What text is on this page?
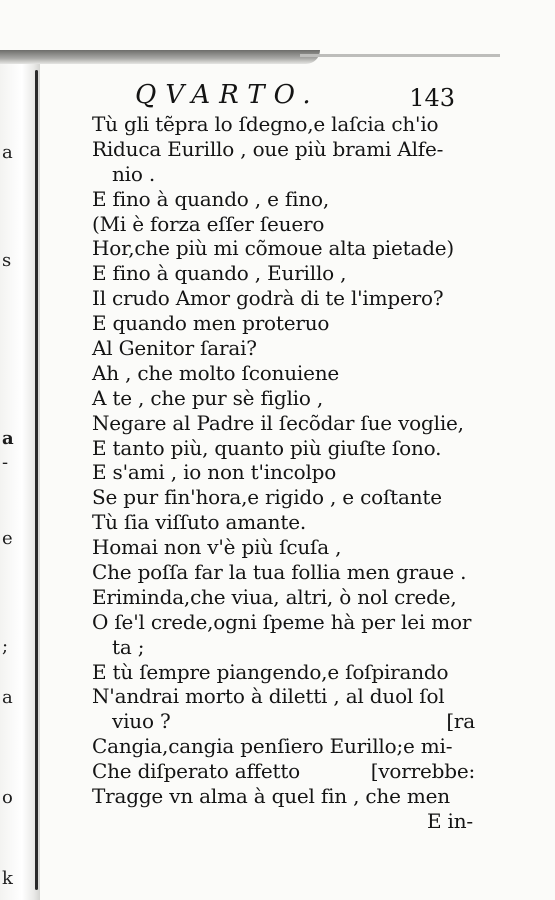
a
s
a
-
e
;
a
o
k
QVARTO.	143
Tù gli tẽpra lo ſdegno,e laſcia ch'io
Riduca Eurillo , oue più brami Alfe-
nio .
E fino à quando , e fino,
(Mi è forza eſſer ſeuero
Hor,che più mi cõmoue alta pietade)
E fino à quando , Eurillo ,
Il crudo Amor godrà di te l'impero?
E quando men proteruo
Al Genitor ſarai?
Ah , che molto ſconuiene
A te , che pur sè figlio ,
Negare al Padre il ſecõdar ſue voglie,
E tanto più, quanto più giuſte ſono.
E s'ami , io non t'incolpo
Se pur fin'hora,e rigido , e coſtante
Tù ſia viſſuto amante.
Homai non v'è più ſcuſa ,
Che poſſa far la tua follia men graue .
Eriminda,che viua, altri, ò nol crede,
O ſe'l crede,ogni ſpeme hà per lei mor
ta ;
E tù ſempre piangendo,e ſoſpirando
N'andrai morto à diletti , al duol ſol
viuo ?	[ra
Cangia,cangia penſiero Eurillo;e mi-
Che diſperato affetto	[vorrebbe:
Tragge vn alma à quel fin , che men
E in-
